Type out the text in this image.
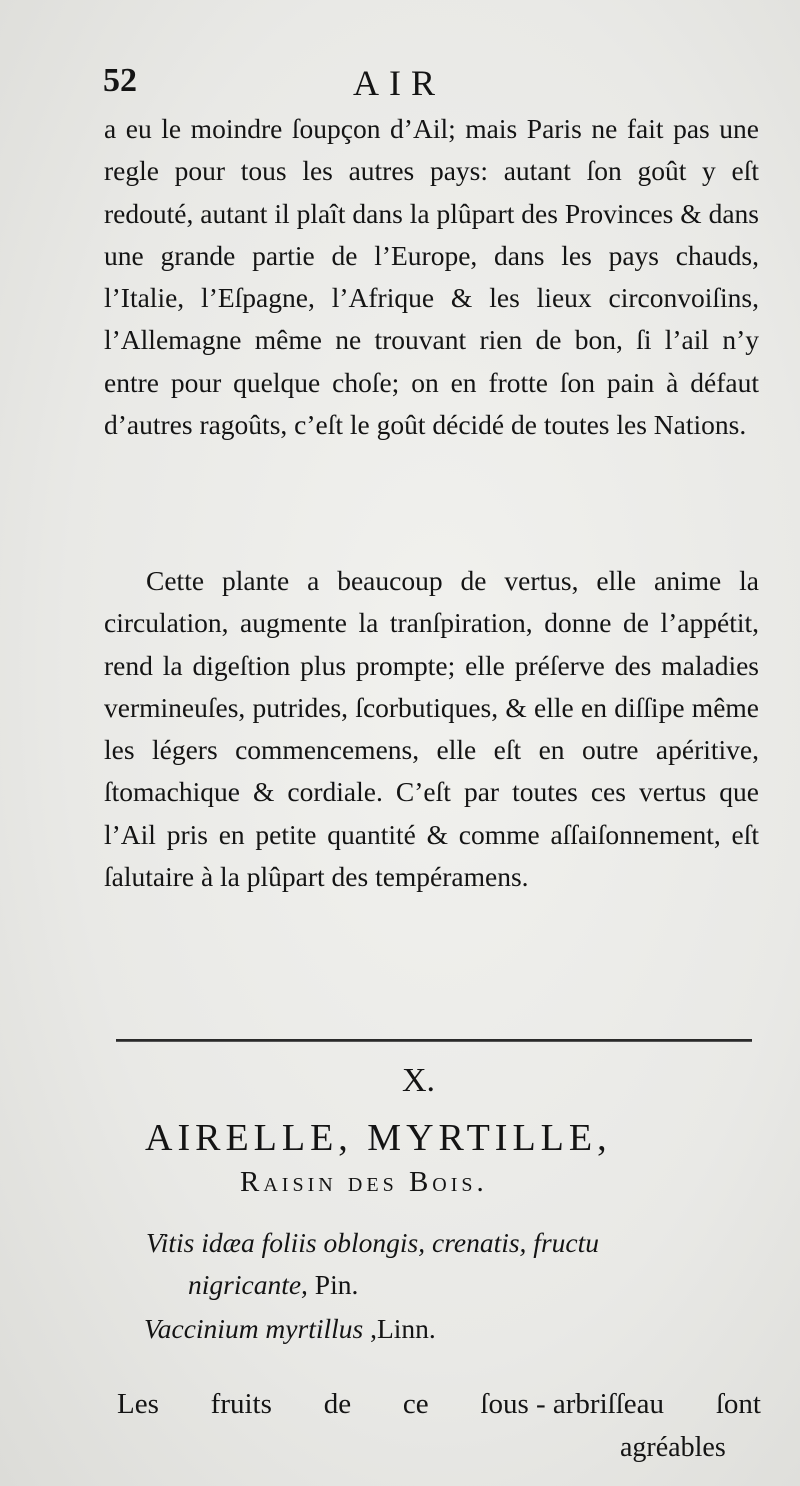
52	AIR

a eu le moindre ſoupçon d’Ail; mais Paris ne fait pas une regle pour tous les autres pays: autant ſon goût y eſt redouté, autant il plaît dans la plûpart des Provinces & dans une grande partie de l’Europe, dans les pays chauds, l’Italie, l’Eſpagne, l’Afrique & les lieux circonvoiſins, l’Allemagne même ne trouvant rien de bon, ſi l’ail n’y entre pour quelque choſe; on en frotte ſon pain à défaut d’autres ragoûts, c’eſt le goût décidé de toutes les Nations.

Cette plante a beaucoup de vertus, elle anime la circulation, augmente la tranſpiration, donne de l’appétit, rend la digeſtion plus prompte; elle préſerve des maladies vermineuſes, putrides, ſcorbutiques, & elle en diſſipe même les légers commencemens, elle eſt en outre apéritive, ſtomachique & cordiale. C’eſt par toutes ces vertus que l’Ail pris en petite quantité & comme aſſaiſonnement, eſt ſalutaire à la plûpart des tempéramens.

X.
AIRELLE, MYRTILLE,
Raisin des Bois.
Vitis idæa foliis oblongis, crenatis, fructu
nigricante, Pin.
Vaccinium myrtillus ,Linn.
Les fruits de ce ſous - arbriſſeau ſont
agréables
